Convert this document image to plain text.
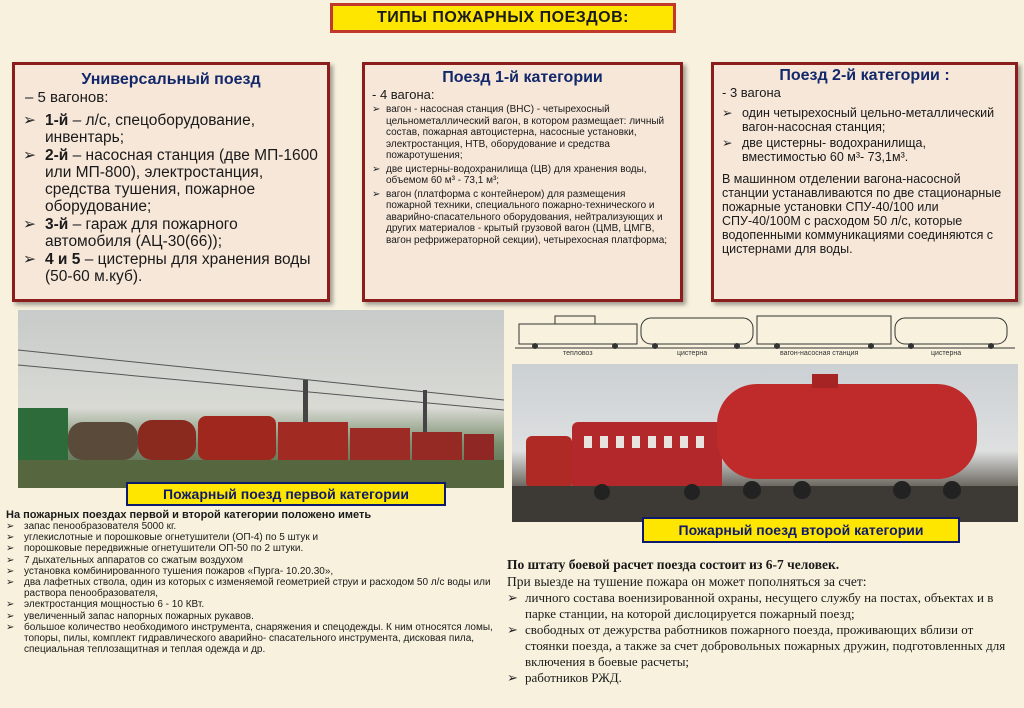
ТИПЫ ПОЖАРНЫХ ПОЕЗДОВ:
Универсальный поезд
– 5 вагонов:
➢ 1-й – л/с, спецоборудование, инвентарь;
➢ 2-й – насосная станция (две МП-1600 или МП-800), электростанция, средства тушения, пожарное оборудование;
➢ 3-й – гараж для пожарного автомобиля (АЦ-30(66));
➢ 4 и 5 – цистерны для хранения воды (50-60 м.куб).
Поезд 1-й категории
- 4 вагона:
➢ вагон - насосная станция (ВНС) - четырехосный цельнометаллический вагон, в котором размещает: личный состав, пожарная автоцистерна, насосные установки, электростанция, НТВ, оборудование и средства пожаротушения;
➢ две цистерны-водохранилища (ЦВ) для хранения воды, объемом 60 м³ - 73,1 м³;
➢ вагон (платформа с контейнером) для размещения пожарной техники, специального пожарно-технического и аварийно-спасательного оборудования, нейтрализующих и других материалов - крытый грузовой вагон (ЦМВ, ЦМГВ, вагон рефрижераторной секции), четырехосная платформа;
Поезд 2-й категории :
- 3 вагона
➢ один четырехосный цельно-металлический вагон-насосная станция;
➢ две цистерны- водохранилища, вместимостью 60 м³- 73,1м³.
В машинном отделении вагона-насосной станции устанавливаются по две стационарные пожарные установки СПУ-40/100 или СПУ-40/100М с расходом 50 л/с, которые водопенными коммуникациями соединяются с цистернами для воды.
Пожарный поезд первой категории
тепловоз	цистерна	вагон-насосная станция	цистерна
Пожарный поезд второй категории
На пожарных поездах первой и второй категории положено иметь
➢ запас пенообразователя 5000 кг.
➢ углекислотные и порошковые огнетушители (ОП-4) по 5 штук и
➢ порошковые передвижные огнетушители ОП-50 по 2 штуки.
➢ 7 дыхательных аппаратов со сжатым воздухом
➢ установка комбинированного тушения пожаров «Пурга- 10.20.30»,
➢ два лафетных ствола, один из которых с изменяемой геометрией струи и расходом 50 л/с воды или раствора пенообразователя,
➢ электростанция мощностью 6 - 10 КВт.
➢ увеличенный запас напорных пожарных рукавов.
➢ большое количество необходимого инструмента, снаряжения и спецодежды. К ним относятся ломы, топоры, пилы, комплект гидравлического аварийно- спасательного инструмента, дисковая пила, специальная теплозащитная и теплая одежда и др.
По штату боевой расчет поезда состоит из 6-7 человек.
При выезде на тушение пожара он может пополняться за счет:
➢ личного состава военизированной охраны, несущего службу на постах, объектах и в парке станции, на которой дислоцируется пожарный поезд;
➢ свободных от дежурства работников пожарного поезда, проживающих вблизи от стоянки поезда, а также за счет добровольных пожарных дружин, подготовленных для включения в боевые расчеты;
➢ работников РЖД.
